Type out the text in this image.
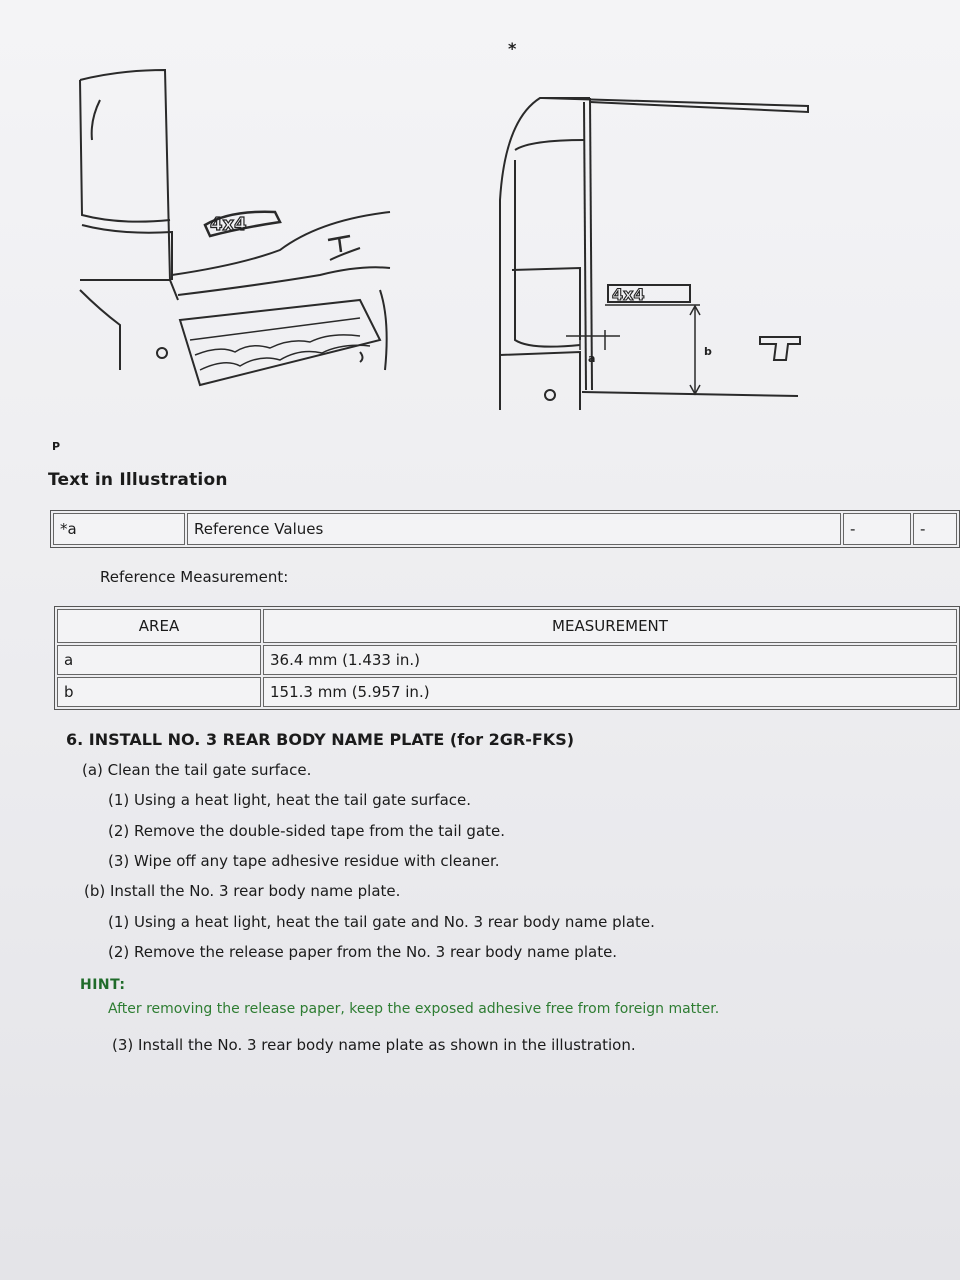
4x4
4x4
a
b
*
P
Text in Illustration
*a	Reference Values	-	-
Reference Measurement:
AREA	MEASUREMENT
a	36.4 mm (1.433 in.)
b	151.3 mm (5.957 in.)
6. INSTALL NO. 3 REAR BODY NAME PLATE (for 2GR-FKS)
(a) Clean the tail gate surface.
(1) Using a heat light, heat the tail gate surface.
(2) Remove the double-sided tape from the tail gate.
(3) Wipe off any tape adhesive residue with cleaner.
(b) Install the No. 3 rear body name plate.
(1) Using a heat light, heat the tail gate and No. 3 rear body name plate.
(2) Remove the release paper from the No. 3 rear body name plate.
HINT:
After removing the release paper, keep the exposed adhesive free from foreign matter.
(3) Install the No. 3 rear body name plate as shown in the illustration.
